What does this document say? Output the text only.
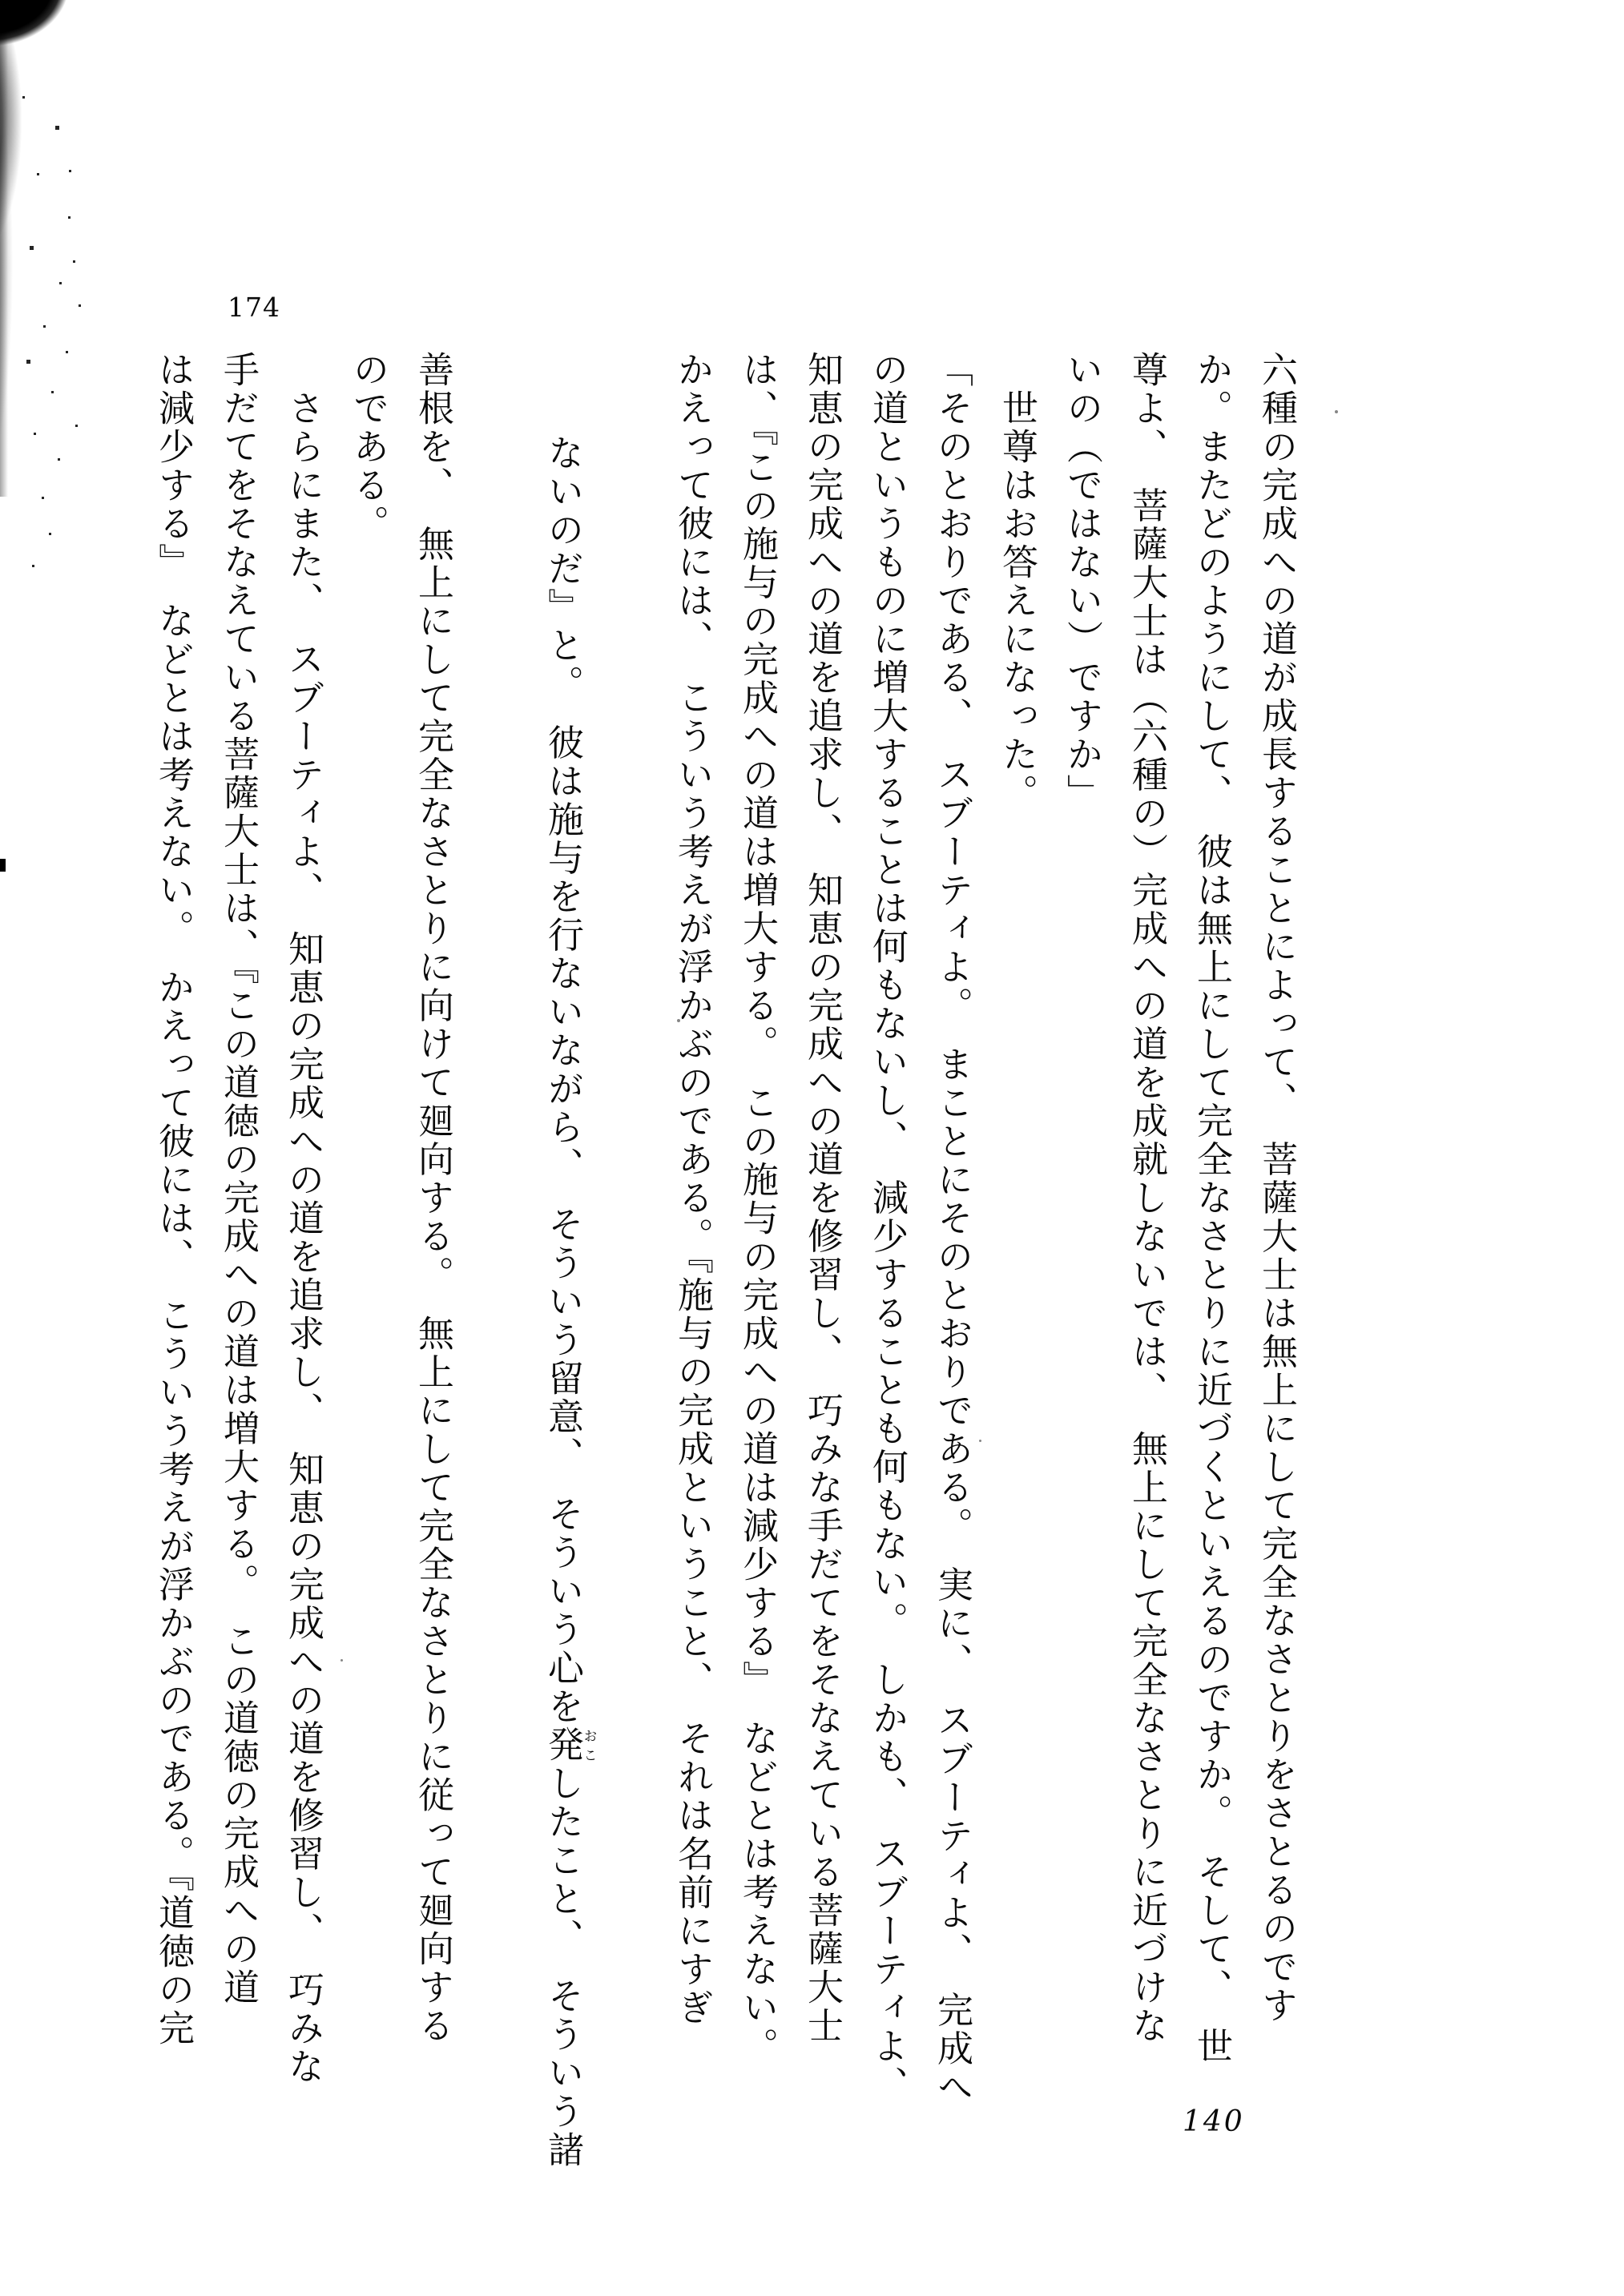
174

六種の完成への道が成長することによって、 菩薩大士は無上にして完全なさとりをさとるのです

か。またどのようにして、 彼は無上にして完全なさとりに近づくといえるのですか。 そして、 世

尊よ、 菩薩大士は（六種の）完成への道を成就しないでは、 無上にして完全なさとりに近づけな

いの（ではない）ですか」

　世尊はお答えになった。

「そのとおりである、 スブーティよ。 まことにそのとおりである。 実に、 スブーティよ、 完成へ

の道というものに増大することは何もないし、 減少することも何もない。 しかも、 スブーティよ、

知恵の完成への道を追求し、 知恵の完成への道を修習し、 巧みな手だてをそなえている菩薩大士

は、『この施与の完成への道は増大する。 この施与の完成への道は減少する』 などとは考えない。

かえって彼には、 こういう考えが浮かぶのである。『施与の完成ということ、 それは名前にすぎ

ないのだ』と。 彼は施与を行ないながら、 そういう留意、 そういう心を発おこしたこと、 そういう諸

善根を、 無上にして完全なさとりに向けて廻向する。 無上にして完全なさとりに従って廻向する

のである。

　さらにまた、 スブーティよ、 知恵の完成への道を追求し、 知恵の完成への道を修習し、 巧みな

手だてをそなえている菩薩大士は、『この道徳の完成への道は増大する。 この道徳の完成への道

は減少する』 などとは考えない。 かえって彼には、 こういう考えが浮かぶのである。『道徳の完

140
